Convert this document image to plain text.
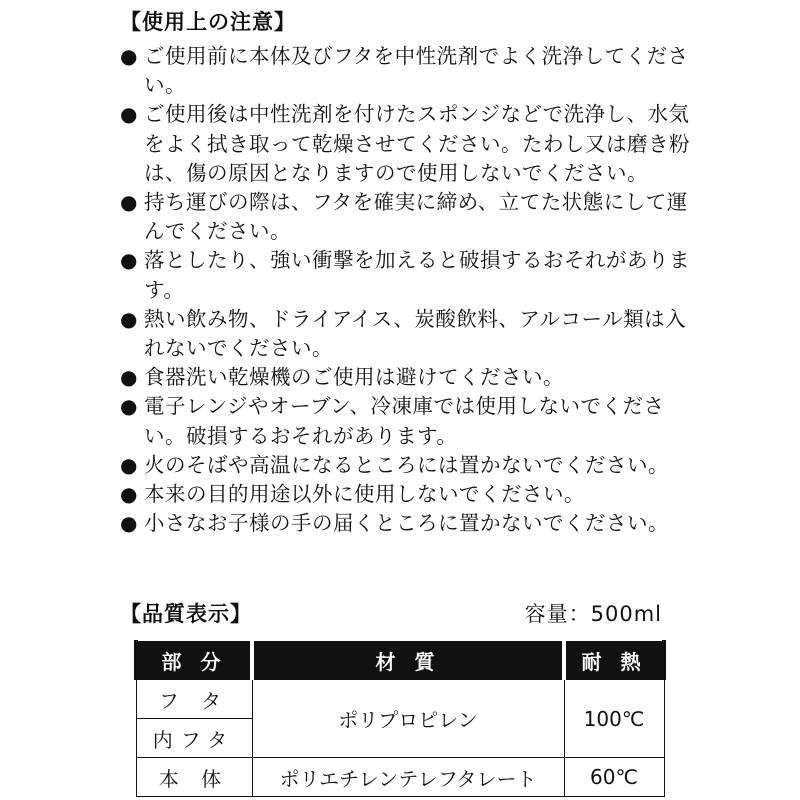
【使用上の注意】
● ご使用前に本体及びフタを中性洗剤でよく洗浄してください。
● ご使用後は中性洗剤を付けたスポンジなどで洗浄し、水気をよく拭き取って乾燥させてください。たわし又は磨き粉は、傷の原因となりますので使用しないでください。
● 持ち運びの際は、フタを確実に締め、立てた状態にして運んでください。
● 落としたり、強い衝撃を加えると破損するおそれがあります。
● 熱い飲み物、ドライアイス、炭酸飲料、アルコール類は入れないでください。
● 食器洗い乾燥機のご使用は避けてください。
● 電子レンジやオーブン、冷凍庫では使用しないでください。破損するおそれがあります。
● 火のそばや高温になるところには置かないでください。
● 本来の目的用途以外に使用しないでください。
● 小さなお子様の手の届くところに置かないでください。
【品質表示】	容量：500ml
部 分	材 質	耐 熱
フ タ	ポリプロピレン	100℃
内フタ		
本 体	ポリエチレンテレフタレート	60℃
